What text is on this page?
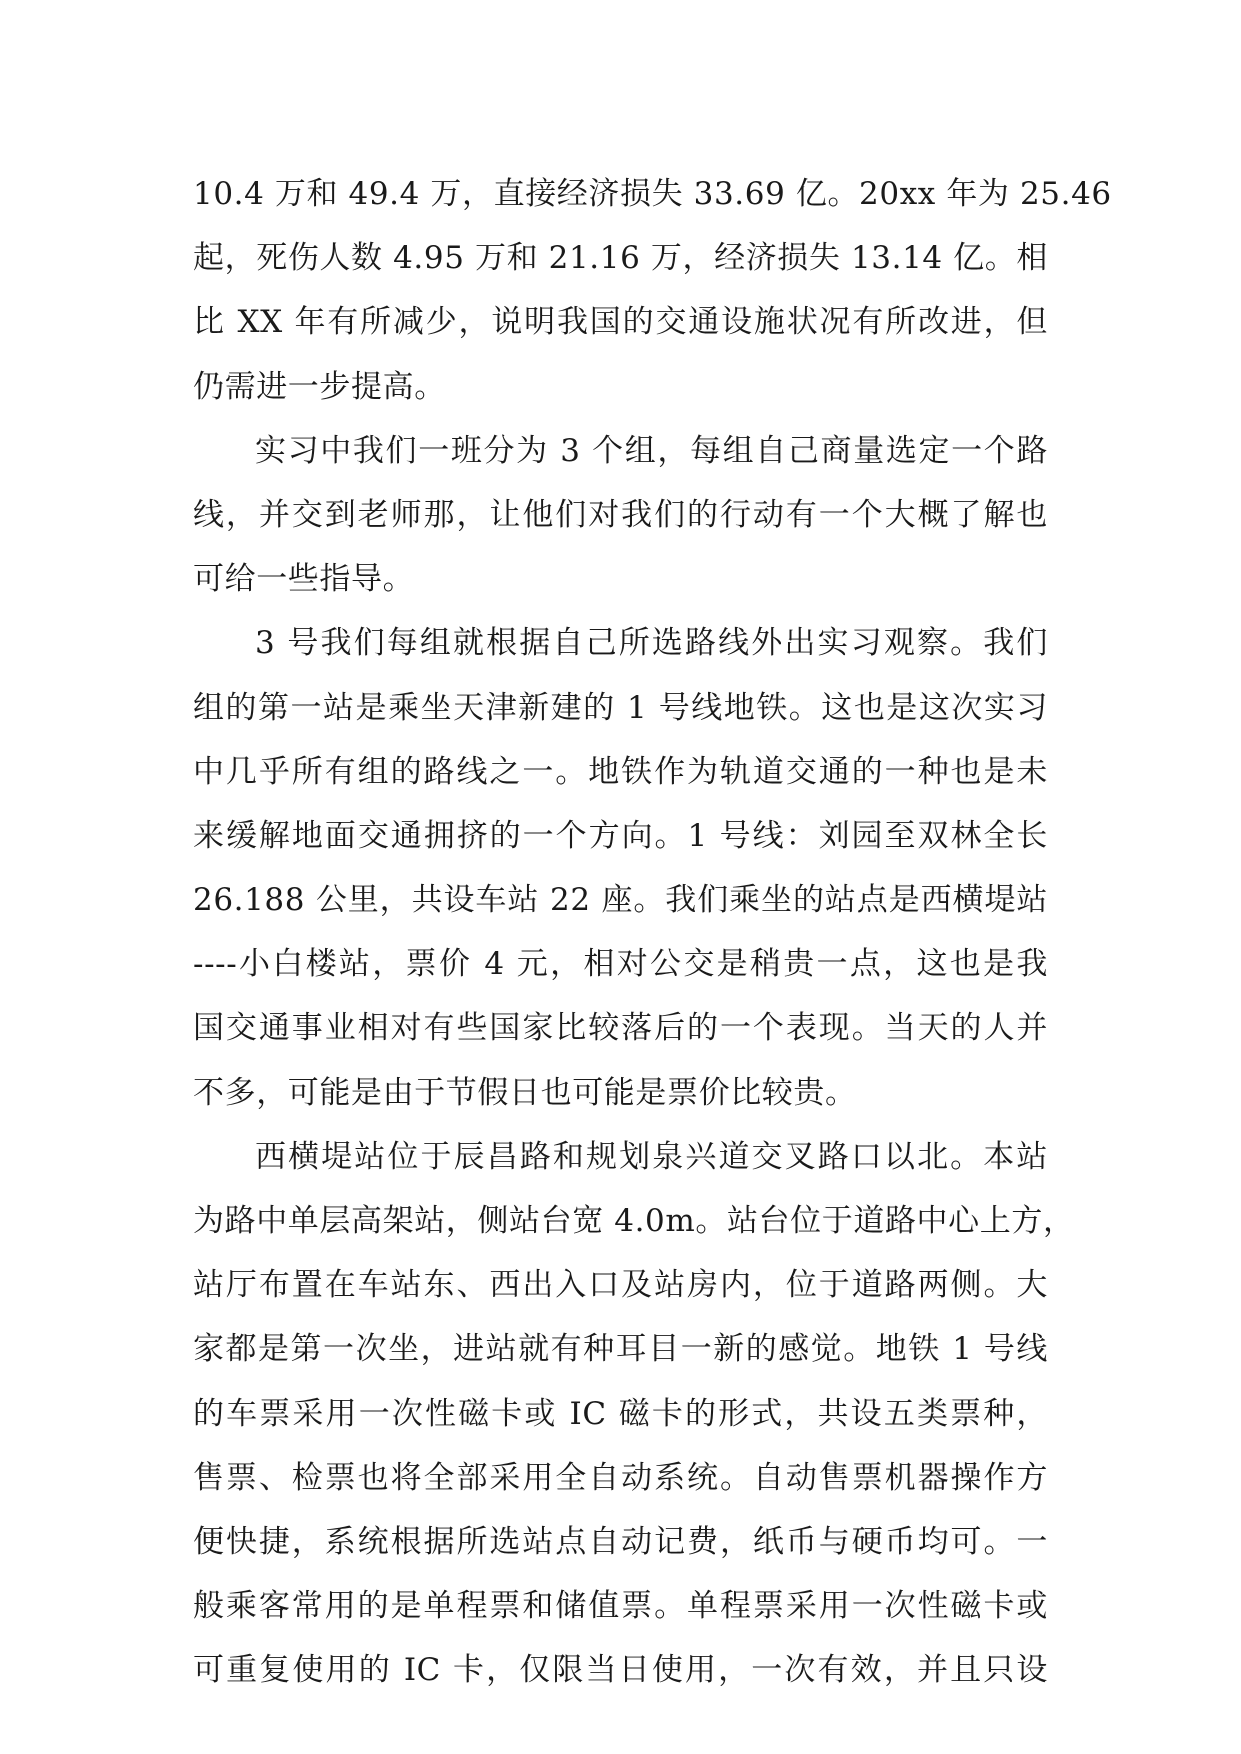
10.4 万和 49.4 万，直接经济损失 33.69 亿。20xx 年为 25.46
起，死伤人数 4.95 万和 21.16 万，经济损失 13.14 亿。相
比 XX 年有所减少，说明我国的交通设施状况有所改进，但
仍需进一步提高。
实习中我们一班分为 3 个组，每组自己商量选定一个路
线，并交到老师那，让他们对我们的行动有一个大概了解也
可给一些指导。
3 号我们每组就根据自己所选路线外出实习观察。我们
组的第一站是乘坐天津新建的 1 号线地铁。这也是这次实习
中几乎所有组的路线之一。地铁作为轨道交通的一种也是未
来缓解地面交通拥挤的一个方向。1 号线：刘园至双林全长
26.188 公里，共设车站 22 座。我们乘坐的站点是西横堤站
----小白楼站，票价 4 元，相对公交是稍贵一点，这也是我
国交通事业相对有些国家比较落后的一个表现。当天的人并
不多，可能是由于节假日也可能是票价比较贵。
西横堤站位于辰昌路和规划泉兴道交叉路口以北。本站
为路中单层高架站，侧站台宽 4.0m。站台位于道路中心上方，
站厅布置在车站东、西出入口及站房内，位于道路两侧。大
家都是第一次坐，进站就有种耳目一新的感觉。地铁 1 号线
的车票采用一次性磁卡或 IC 磁卡的形式，共设五类票种，
售票、检票也将全部采用全自动系统。自动售票机器操作方
便快捷，系统根据所选站点自动记费，纸币与硬币均可。一
般乘客常用的是单程票和储值票。单程票采用一次性磁卡或
可重复使用的 IC 卡，仅限当日使用，一次有效，并且只设
